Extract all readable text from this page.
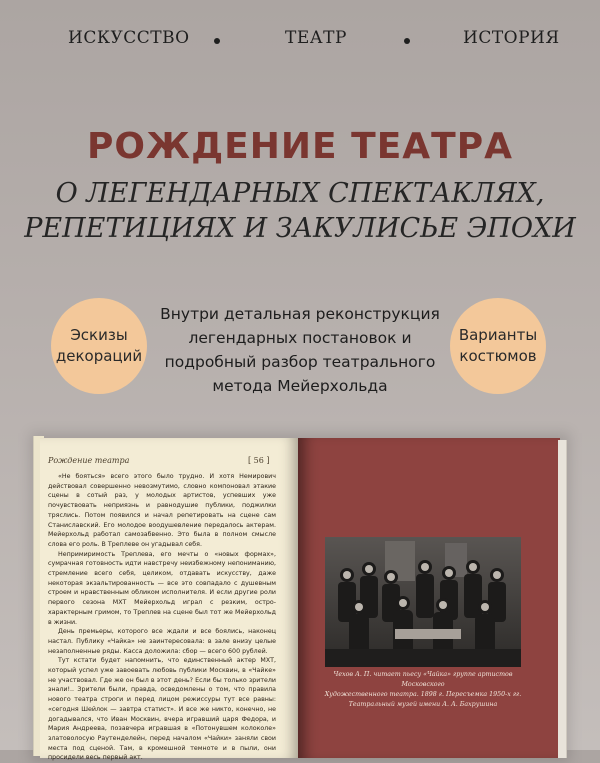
ИСКУССТВО	ТЕАТР	ИСТОРИЯ
РОЖДЕНИЕ ТЕАТРА
О ЛЕГЕНДАРНЫХ СПЕКТАКЛЯХ,
РЕПЕТИЦИЯХ И ЗАКУЛИСЬЕ ЭПОХИ
Эскизы
декораций
Варианты
костюмов
Внутри детальная реконструкция
легендарных постановок и
подробный разбор театрального
метода Мейерхольда
Рождение театра	[ 56 ]

«Не бояться» всего этого было трудно. И хотя Немирович действовал совершенно невозмутимо, словно компоновал этакие сцены в сотый раз, у молодых артистов, успевших уже почувствовать неприязнь и равнодушие публики, поджилки тряслись. Потом появился и начал репетировать на сцене сам Станиславский. Его молодое воодушевление передалось актерам. Мейерхольд работал самозабвенно. Это была в полном смысле слова его роль. В Треплеве он угадывал себя.

Непримиримость Треплева, его мечты о «новых формах», сумрачная готовность идти навстречу неизбежному непониманию, стремление всего себя, целиком, отдавать искусству, даже некоторая экзальтированность — все это совпадало с душевным строем и нравственным обликом исполнителя. И если другие роли первого сезона МХТ Мейерхольд играл с резким, остро-характерным гримом, то Треплев на сцене был тот же Мейерхольд в жизни.

День премьеры, которого все ждали и все боялись, наконец настал. Публику «Чайка» не заинтересовала: в зале внизу целые незаполненные ряды. Касса доложила: сбор — всего 600 рублей.

Тут кстати будет напомнить, что единственный актер МХТ, который успел уже завоевать любовь публики Москвин, в «Чайке» не участвовал. Где же он был в этот день? Если бы только зрители знали!.. Зрители были, правда, осведомлены о том, что правила нового театра строги и перед лицом режиссуры тут все равны: «сегодня Шейлок — завтра статист». И все же никто, конечно, не догадывался, что Иван Москвин, вчера игравший царя Федора, и Мария Андреева, позавчера игравшая в «Потонувшем колоколе» златоволосую Раутенделейн, перед началом «Чайки» заняли свои места под сценой. Там, в кромешной темноте и в пыли, они просидели весь первый акт.

Чехов А. П. читает пьесу «Чайка» группе артистов Московского
Художественного театра. 1898 г. Пересъемка 1950-х гг.
Театральный музей имени А. А. Бахрушина
